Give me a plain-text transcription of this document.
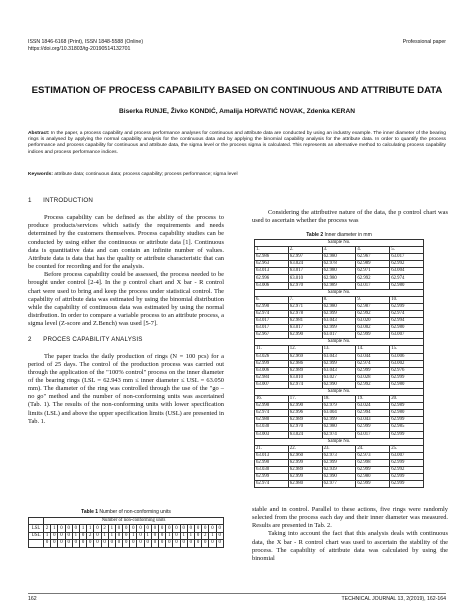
ISSN 1846-6168 (Print), ISSN 1848-5588 (Online)
https://doi.org/10.31803/tg-20190514132701
Professional paper
ESTIMATION OF PROCESS CAPABILITY BASED ON CONTINUOUS AND ATTRIBUTE DATA
Biserka RUNJE, Živko KONDIĆ, Amalija HORVATIĆ NOVAK, Zdenka KERAN
Abstract: In the paper, a process capability and process performance analyses for continuous and attribute data are conducted by using an industry example. The inner diameter of the bearing rings is analysed by applying the normal capability analysis for the continuous data and by applying the binomial capability analysis for the attribute data. In order to quantify the process performance and process capability for continuous and attribute data, the sigma level or the process sigma is calculated. This represents an alternative method to calculating process capability indices and process performance indices.
Keywords: attribute data; continuous data; process capability; process performance; sigma level
1 INTRODUCTION

Process capability can be defined as the ability of the process to produce products/services which satisfy the requirements and needs determined by the customers themselves. Process capability studies can be conducted by using either the continuous or attribute data [1]. Continuous data is quantitative data and can contain an infinite number of values. Attribute data is data that has the quality or attribute characteristic that can be counted for recording and for the analysis.

Before process capability could be assessed, the process needed to be brought under control [2-4]. In the p control chart and X bar - R control chart were used to bring and keep the process under statistical control. The capability of attribute data was estimated by using the binomial distribution while the capability of continuous data was estimated by using the normal distribution. In order to compare a variable process to an attribute process, a sigma level (Z-score and Z.Bench) was used [5-7].

2 PROCES CAPABILITY ANALYSIS

The paper tracks the daily production of rings (N = 100 pcs) for a period of 25 days. The control of the production process was carried out through the application of the "100% control" process on the inner diameter of the bearing rings (LSL = 62.943 mm ≤ inner diameter ≤ USL = 63.050 mm). The diameter of the ring was controlled through the use of the "go – no go" method and the number of non-conforming units was ascertained (Tab. 1). The results of the non-conforming units with lower specification limits (LSL) and above the upper specification limits (USL) are presented in Tab. 1.

Table 1 Number of non-conforming units
	Number of non-conforming units																								
LSL	2	1	0	0	0	1	1	0	2	1	0	0	0	0	0	0	0	0	0	0	0	0	0	0	0
USL	1	0	0	0	1	0	2	0	1	1	0	0	1	0	1	0	0	1	0	1	1	0	2	1	0
	0	0	0	0	0	0	0	0	0	0	0	0	0	0	0	0	0	0	0	0	0	0	0	0	0

Considering the attributive nature of the data, the p control chart was used to ascertain whether the process was

Table 2 Inner diameter in mm
Sample No.				
1.	2.	3.	4.	5.
62.986	62.997	62.980	62.967	63.017
62.963	63.024	62.978	62.989	62.992
63.013	63.017	62.980	62.971	63.004
62.996	63.010	62.980	62.992	62.974
63.006	62.970	62.989	63.017	62.980
Sample No.				
6.	7.	8.	9.	10.
62.990	62.971	62.980	62.987	62.999
62.974	62.978	62.999	62.992	62.974
63.017	62.981	63.043	63.020	62.994
63.017	63.017	62.999	63.002	62.980
62.967	62.990	63.017	62.999	63.007
Sample No.				
11.	12.	13.	14.	15.
63.026	62.969	63.043	63.044	63.006
62.999	62.986	62.999	62.974	63.002
63.006	62.989	63.043	62.999	62.976
62.984	63.010	63.027	63.028	62.999
63.007	62.974	62.990	62.992	62.980
Sample No.				
16.	17.	18.	19.	20.
62.990	62.990	62.979	63.024	62.989
62.974	62.996	63.004	62.994	62.980
62.980	62.989	62.999	63.043	62.999
63.030	62.970	62.980	62.999	62.985
63.003	63.024	62.974	63.017	62.999
Sample No.				
21.	22.	23.	24.	25.
63.013	62.960	62.973	62.973	63.007
62.990	62.999	62.999	62.998	62.999
63.030	62.989	62.939	62.999	62.992
62.999	62.999	62.990	62.980	62.999
62.974	62.980	62.977	62.999	62.999

stable and in control. Parallel to these actions, five rings were randomly selected from the process each day and their inner diameter was measured. Results are presented in Tab. 2.

Taking into account the fact that this analysis deals with continuous data, the X bar - R control chart was used to ascertain the stability of the process. The capability of attribute data was calculated by using the binomial

162	TECHNICAL JOURNAL 13, 2(2019), 162-164
